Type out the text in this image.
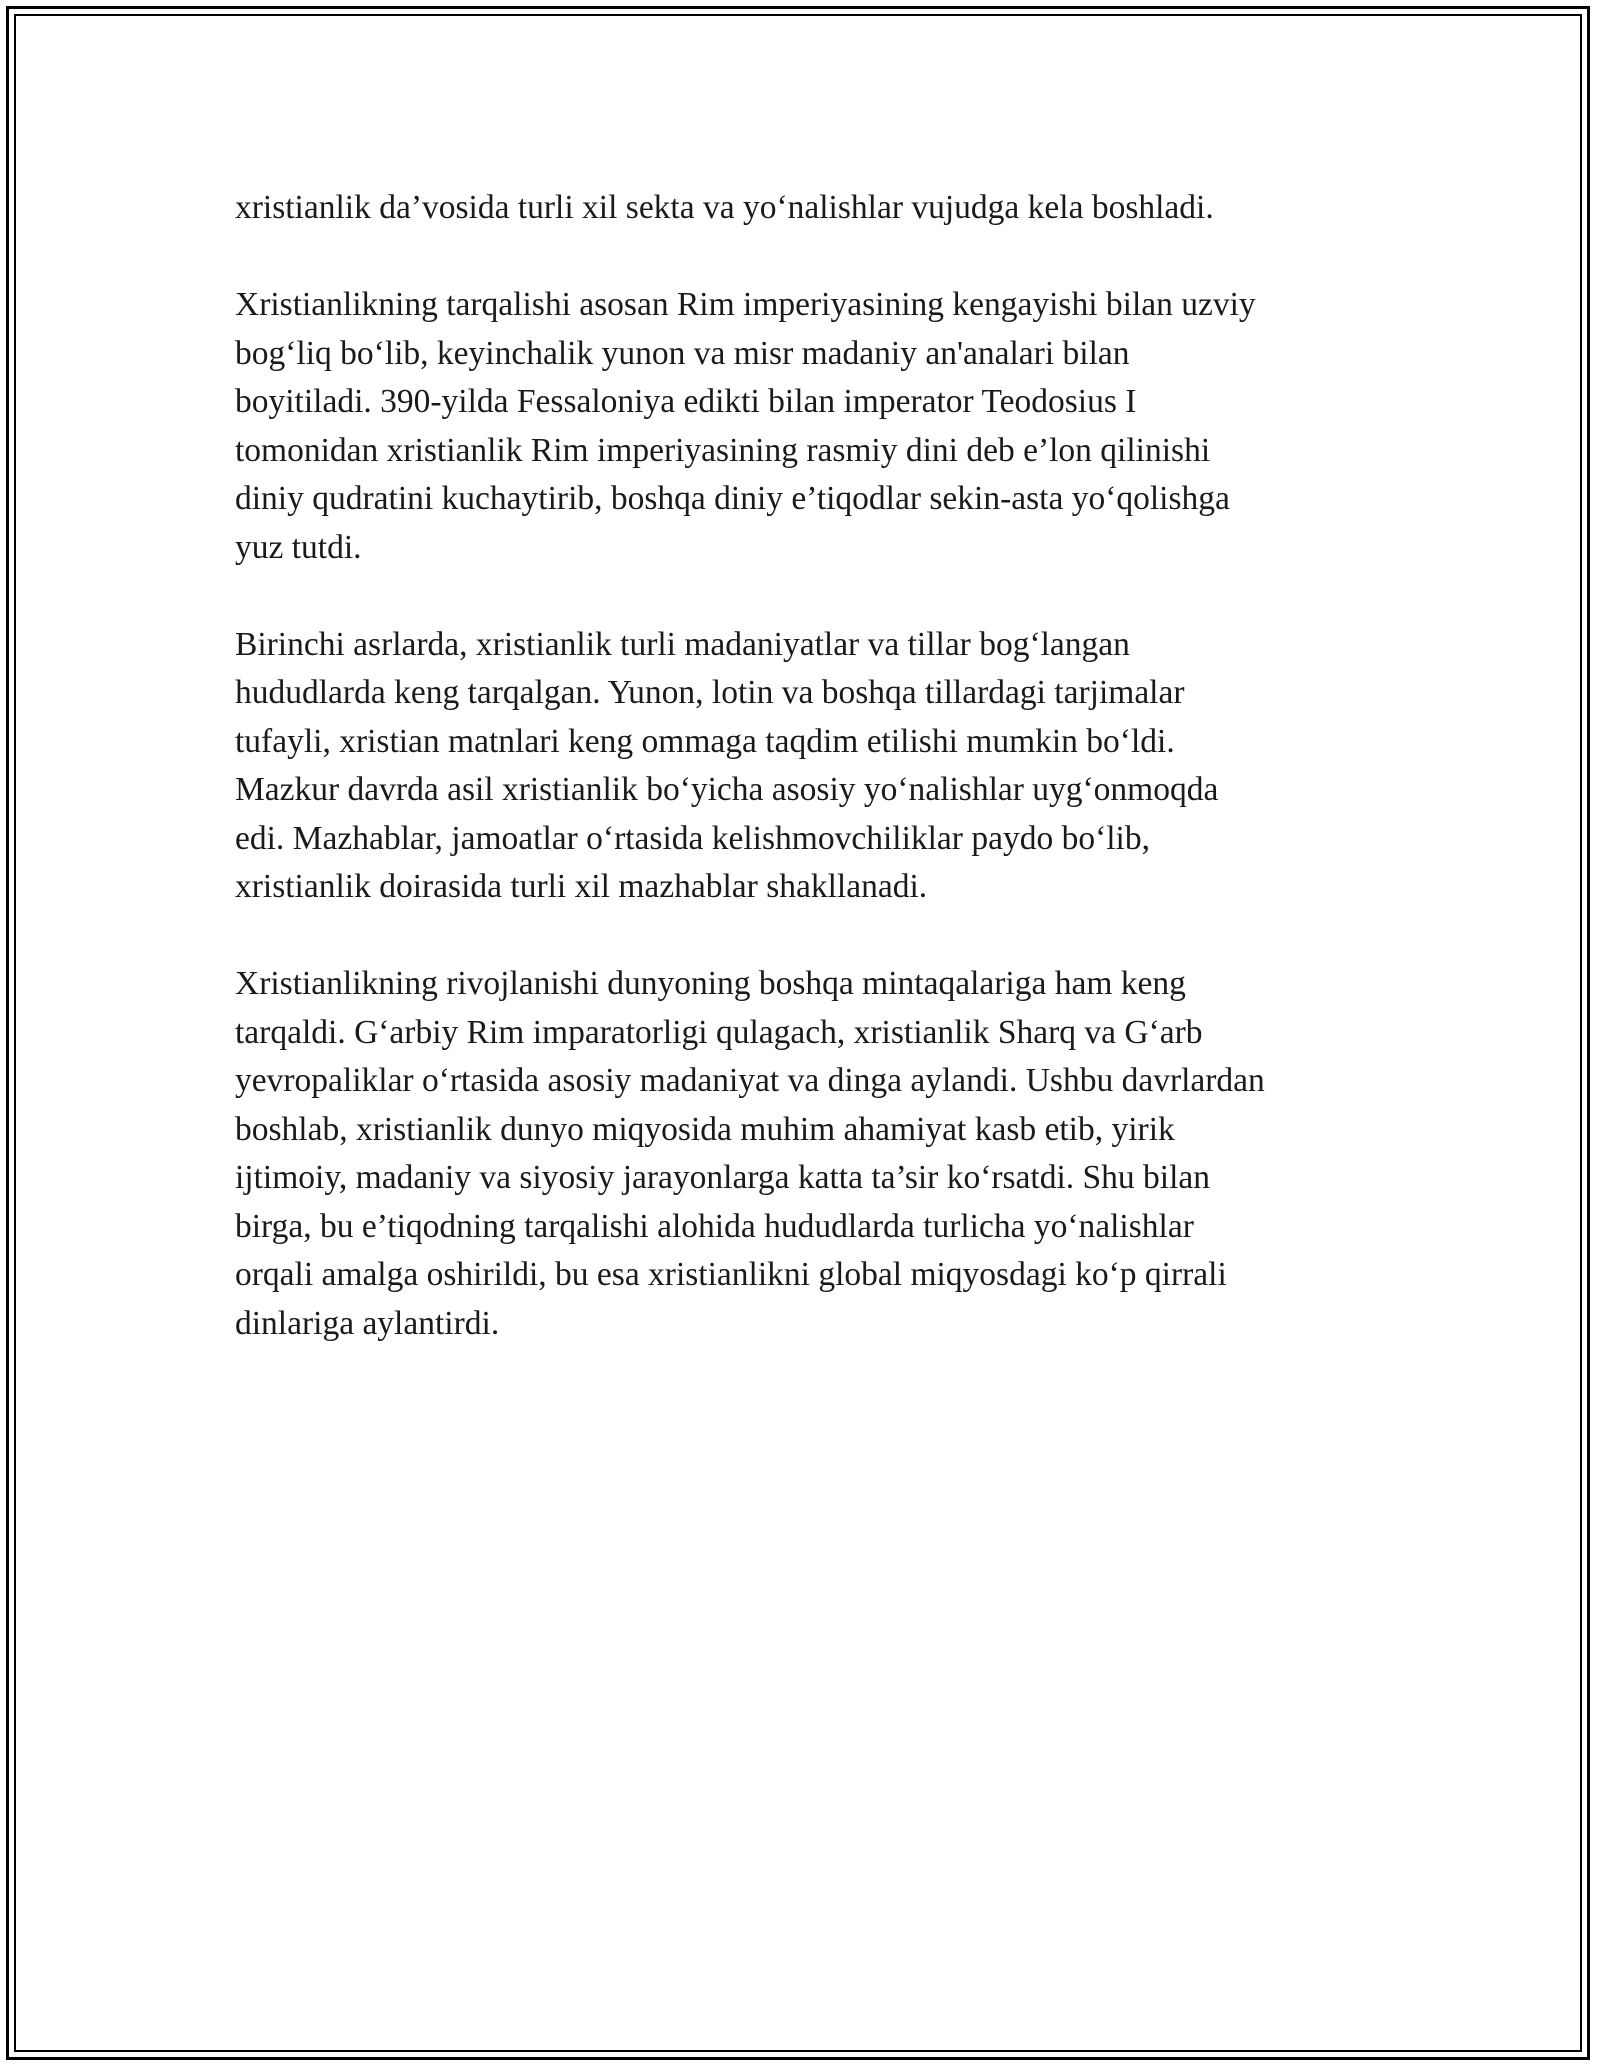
xristianlik da’vosida turli xil sekta va yo‘nalishlar vujudga kela boshladi.

Xristianlikning tarqalishi asosan Rim imperiyasining kengayishi bilan uzviy
bog‘liq bo‘lib, keyinchalik yunon va misr madaniy an'analari bilan
boyitiladi. 390-yilda Fessaloniya edikti bilan imperator Teodosius I
tomonidan xristianlik Rim imperiyasining rasmiy dini deb e’lon qilinishi
diniy qudratini kuchaytirib, boshqa diniy e’tiqodlar sekin-asta yo‘qolishga
yuz tutdi.

Birinchi asrlarda, xristianlik turli madaniyatlar va tillar bog‘langan
hududlarda keng tarqalgan. Yunon, lotin va boshqa tillardagi tarjimalar
tufayli, xristian matnlari keng ommaga taqdim etilishi mumkin bo‘ldi.
Mazkur davrda asil xristianlik bo‘yicha asosiy yo‘nalishlar uyg‘onmoqda
edi. Mazhablar, jamoatlar o‘rtasida kelishmovchiliklar paydo bo‘lib,
xristianlik doirasida turli xil mazhablar shakllanadi.

Xristianlikning rivojlanishi dunyoning boshqa mintaqalariga ham keng
tarqaldi. G‘arbiy Rim imparatorligi qulagach, xristianlik Sharq va G‘arb
yevropaliklar o‘rtasida asosiy madaniyat va dinga aylandi. Ushbu davrlardan
boshlab, xristianlik dunyo miqyosida muhim ahamiyat kasb etib, yirik
ijtimoiy, madaniy va siyosiy jarayonlarga katta ta’sir ko‘rsatdi. Shu bilan
birga, bu e’tiqodning tarqalishi alohida hududlarda turlicha yo‘nalishlar
orqali amalga oshirildi, bu esa xristianlikni global miqyosdagi ko‘p qirrali
dinlariga aylantirdi.
